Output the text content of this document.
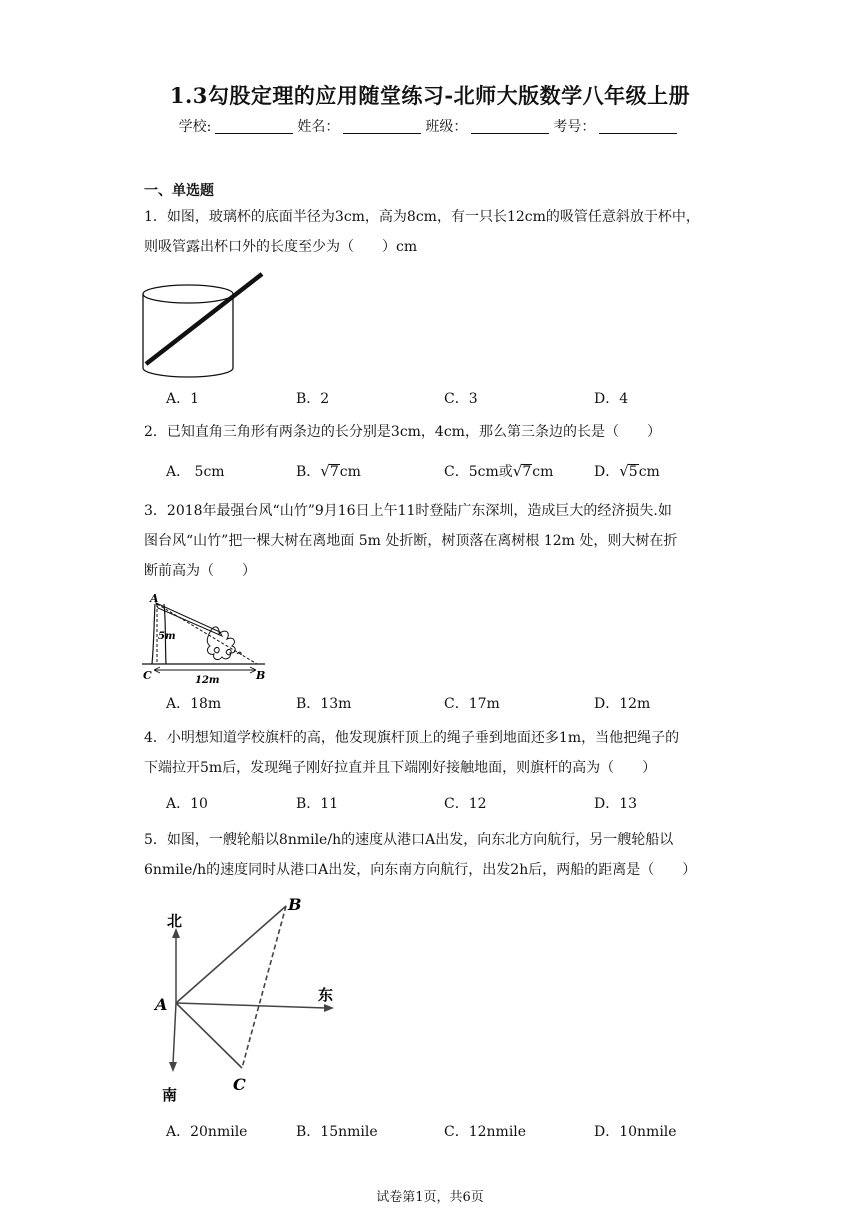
1.3勾股定理的应用随堂练习-北师大版数学八年级上册
学校:	姓名：	班级：	考号：
一、单选题
1．如图，玻璃杯的底面半径为3cm，高为8cm，有一只长12cm的吸管任意斜放于杯中，
则吸管露出杯口外的长度至少为（　　）cm
A．1	B．2	C．3	D．4
2．已知直角三角形有两条边的长分别是3cm，4cm，那么第三条边的长是（　　）
A． 5cm	B．√7cm	C．5cm或√7cm	D．√5cm
3．2018年最强台风“山竹”9月16日上午11时登陆广东深圳，造成巨大的经济损失.如
图台风“山竹”把一棵大树在离地面 5m 处折断，树顶落在离树根 12m 处，则大树在折
断前高为（　　）
A
5m
C	12m	B
A．18m	B．13m	C．17m	D．12m
4．小明想知道学校旗杆的高，他发现旗杆顶上的绳子垂到地面还多1m，当他把绳子的
下端拉开5m后，发现绳子刚好拉直并且下端刚好接触地面，则旗杆的高为（　　）
A．10	B．11	C．12	D．13
5．如图，一艘轮船以8nmile/h的速度从港口A出发，向东北方向航行，另一艘轮船以
6nmile/h的速度同时从港口A出发，向东南方向航行，出发2h后，两船的距离是（　　）
北
东
南
A
B
C
A．20nmile	B．15nmile	C．12nmile	D．10nmile
试卷第1页，共6页
